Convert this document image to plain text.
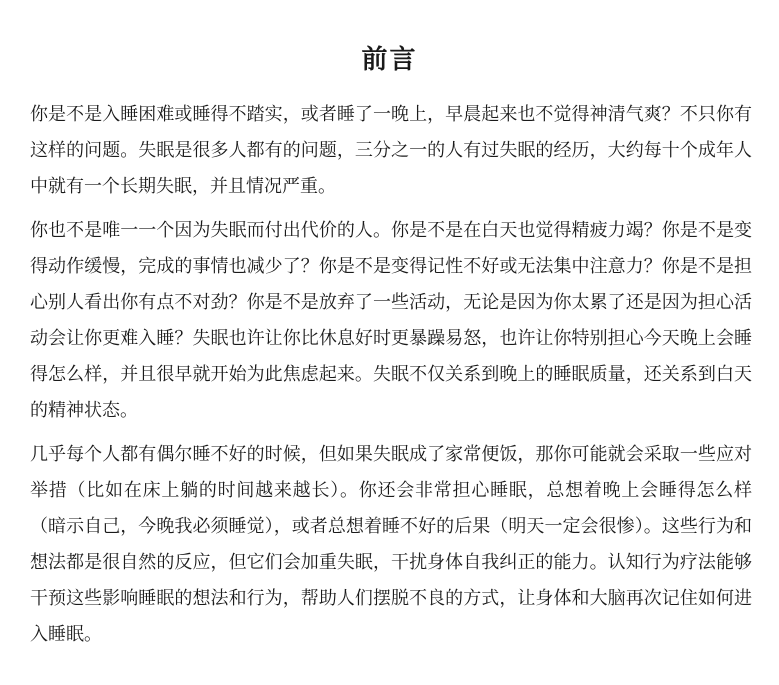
前言

你是不是入睡困难或睡得不踏实，或者睡了一晚上，早晨起来也不觉得神清气爽？不只你有这样的问题。失眠是很多人都有的问题，三分之一的人有过失眠的经历，大约每十个成年人中就有一个长期失眠，并且情况严重。

你也不是唯一一个因为失眠而付出代价的人。你是不是在白天也觉得精疲力竭？你是不是变得动作缓慢，完成的事情也减少了？你是不是变得记性不好或无法集中注意力？你是不是担心别人看出你有点不对劲？你是不是放弃了一些活动，无论是因为你太累了还是因为担心活动会让你更难入睡？失眠也许让你比休息好时更暴躁易怒，也许让你特别担心今天晚上会睡得怎么样，并且很早就开始为此焦虑起来。失眠不仅关系到晚上的睡眠质量，还关系到白天的精神状态。

几乎每个人都有偶尔睡不好的时候，但如果失眠成了家常便饭，那你可能就会采取一些应对举措（比如在床上躺的时间越来越长）。你还会非常担心睡眠，总想着晚上会睡得怎么样（暗示自己，今晚我必须睡觉），或者总想着睡不好的后果（明天一定会很惨）。这些行为和想法都是很自然的反应，但它们会加重失眠，干扰身体自我纠正的能力。认知行为疗法能够干预这些影响睡眠的想法和行为，帮助人们摆脱不良的方式，让身体和大脑再次记住如何进入睡眠。
